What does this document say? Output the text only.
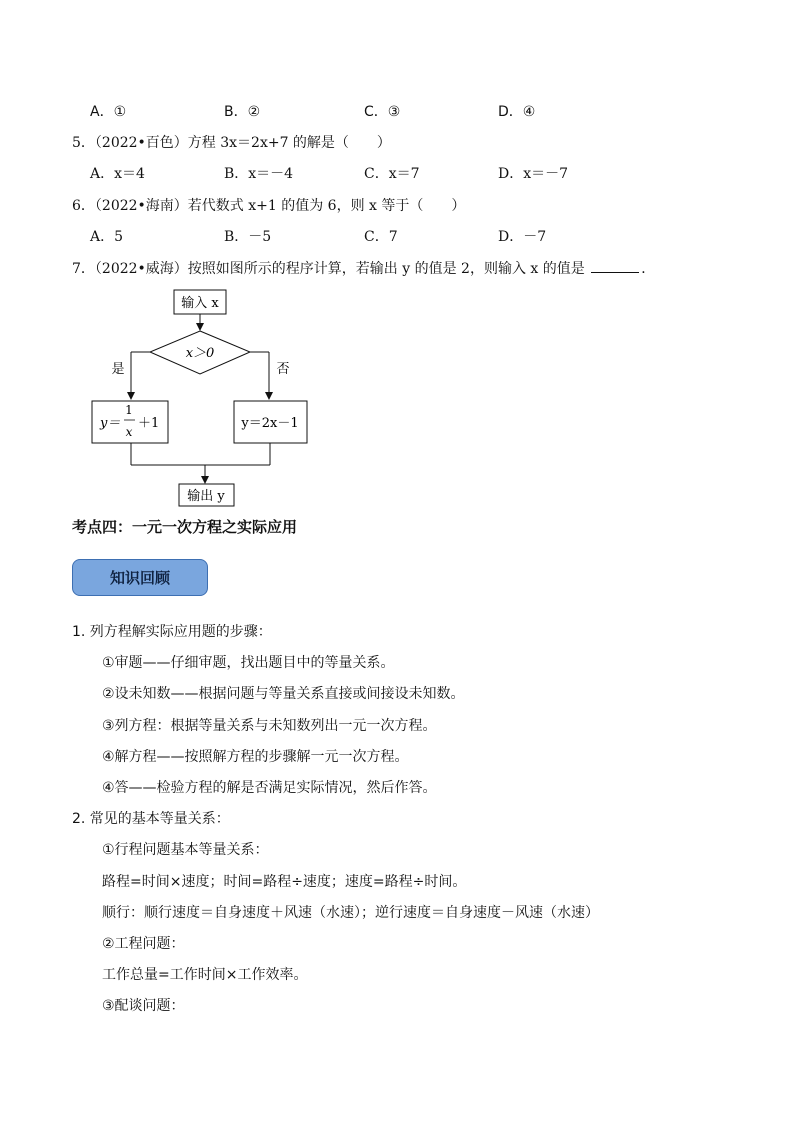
A．①	B．②	C．③	D．④
5．（2022•百色）方程 3x＝2x+7 的解是（　　）
A．x＝4	B．x＝－4	C．x＝7	D．x＝－7
6．（2022•海南）若代数式 x+1 的值为 6，则 x 等于（　　）
A．5	B．－5	C．7	D．－7
7．（2022•威海）按照如图所示的程序计算，若输出 y 的值是 2，则输入 x 的值是	．
输入 x
x＞0
是	否
y＝
1
x
＋1	y＝2x－1
输出 y
考点四：一元一次方程之实际应用
知识回顾
1. 列方程解实际应用题的步骤：
①审题——仔细审题，找出题目中的等量关系。
②设未知数——根据问题与等量关系直接或间接设未知数。
③列方程：根据等量关系与未知数列出一元一次方程。
④解方程——按照解方程的步骤解一元一次方程。
④答——检验方程的解是否满足实际情况，然后作答。
2. 常见的基本等量关系：
①行程问题基本等量关系：
路程=时间×速度；时间=路程÷速度；速度=路程÷时间。
顺行：顺行速度＝自身速度＋风速（水速）；逆行速度＝自身速度－风速（水速）
②工程问题：
工作总量=工作时间×工作效率。
③配谈问题：
